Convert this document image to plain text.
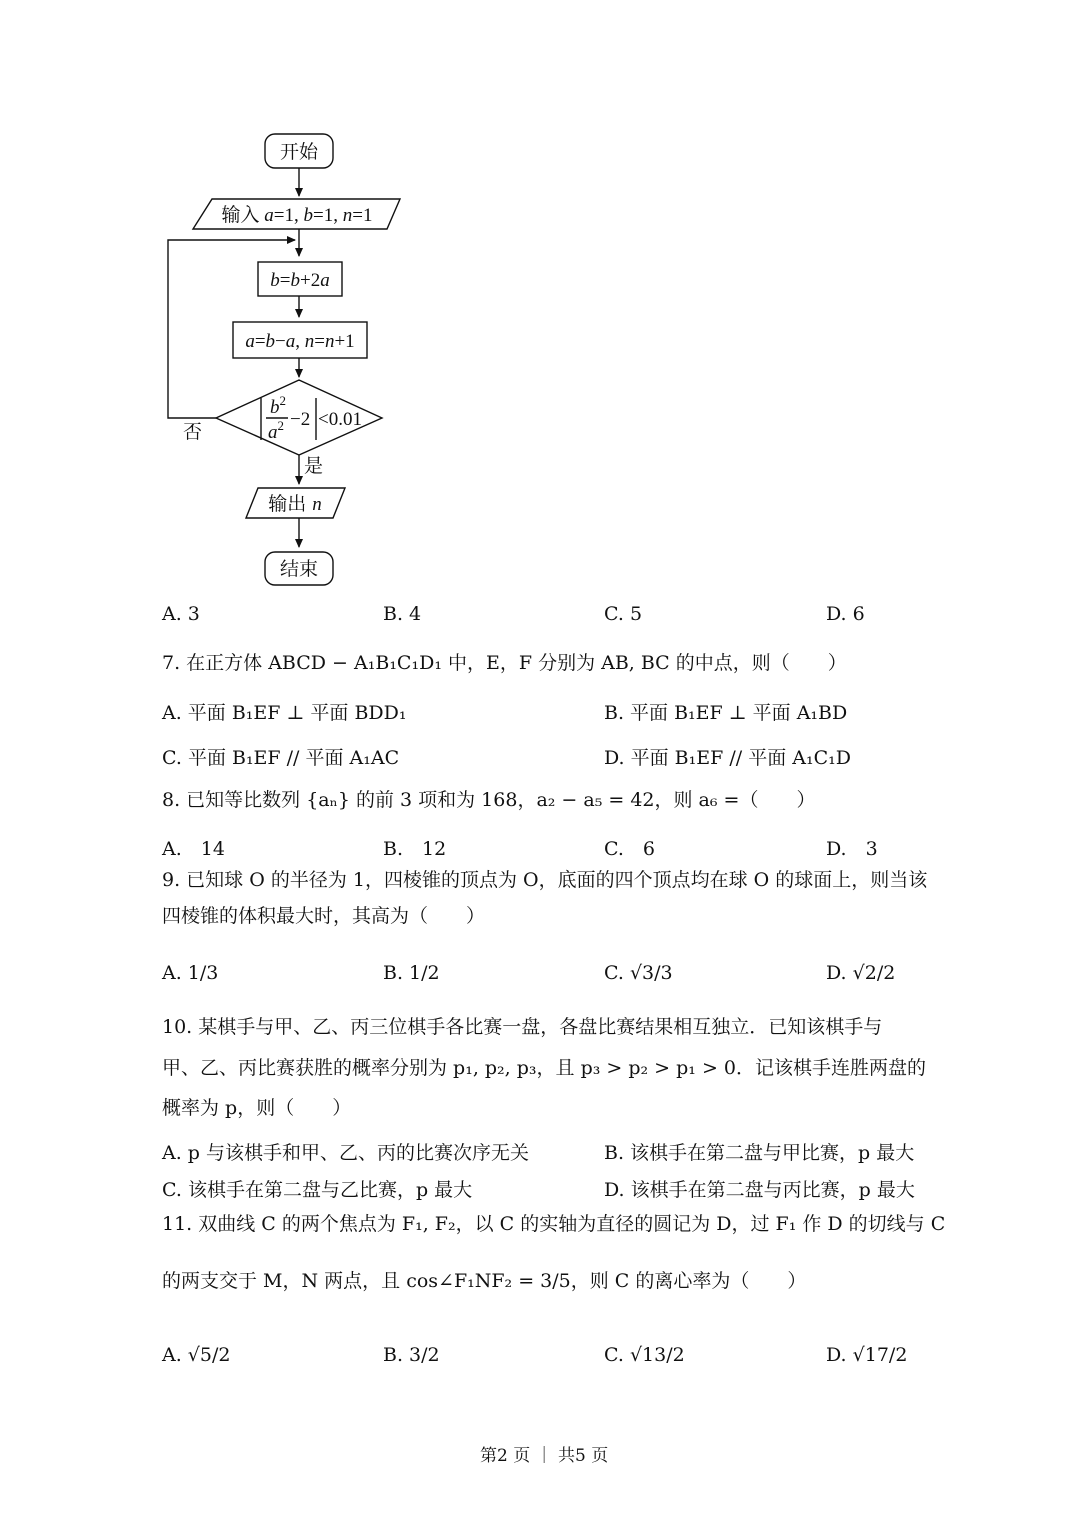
开始
输入 a=1, b=1, n=1
b=b+2a
a=b−a, n=n+1
$b^2$
$a^2 -2 <0.01$
否
是
输出 n
结束
A. 3	B. 4	C. 5	D. 6
7. 在正方体 ABCD − A₁B₁C₁D₁ 中，E，F 分别为 AB, BC 的中点，则（　　）
A. 平面 B₁EF ⊥ 平面 BDD₁	B. 平面 B₁EF ⊥ 平面 A₁BD
C. 平面 B₁EF // 平面 A₁AC	D. 平面 B₁EF // 平面 A₁C₁D
8. 已知等比数列 {aₙ} 的前 3 项和为 168，a₂ − a₅ = 42，则 a₆ =（　　）
A.　14	B.　12	C.　6	D.　3
9. 已知球 O 的半径为 1，四棱锥的顶点为 O，底面的四个顶点均在球 O 的球面上，则当该
四棱锥的体积最大时，其高为（　　）
A. 1/3	B. 1/2	C. √3/3	D. √2/2
10. 某棋手与甲、乙、丙三位棋手各比赛一盘，各盘比赛结果相互独立．已知该棋手与
甲、乙、丙比赛获胜的概率分别为 p₁, p₂, p₃，且 p₃ > p₂ > p₁ > 0．记该棋手连胜两盘的
概率为 p，则（　　）
A. p 与该棋手和甲、乙、丙的比赛次序无关	B. 该棋手在第二盘与甲比赛，p 最大
C. 该棋手在第二盘与乙比赛，p 最大	D. 该棋手在第二盘与丙比赛，p 最大
11. 双曲线 C 的两个焦点为 F₁, F₂，以 C 的实轴为直径的圆记为 D，过 F₁ 作 D 的切线与 C
的两支交于 M，N 两点，且 cos∠F₁NF₂ = 3/5，则 C 的离心率为（　　）
A. √5/2	B. 3/2	C. √13/2	D. √17/2
第2 页 ｜ 共5 页
